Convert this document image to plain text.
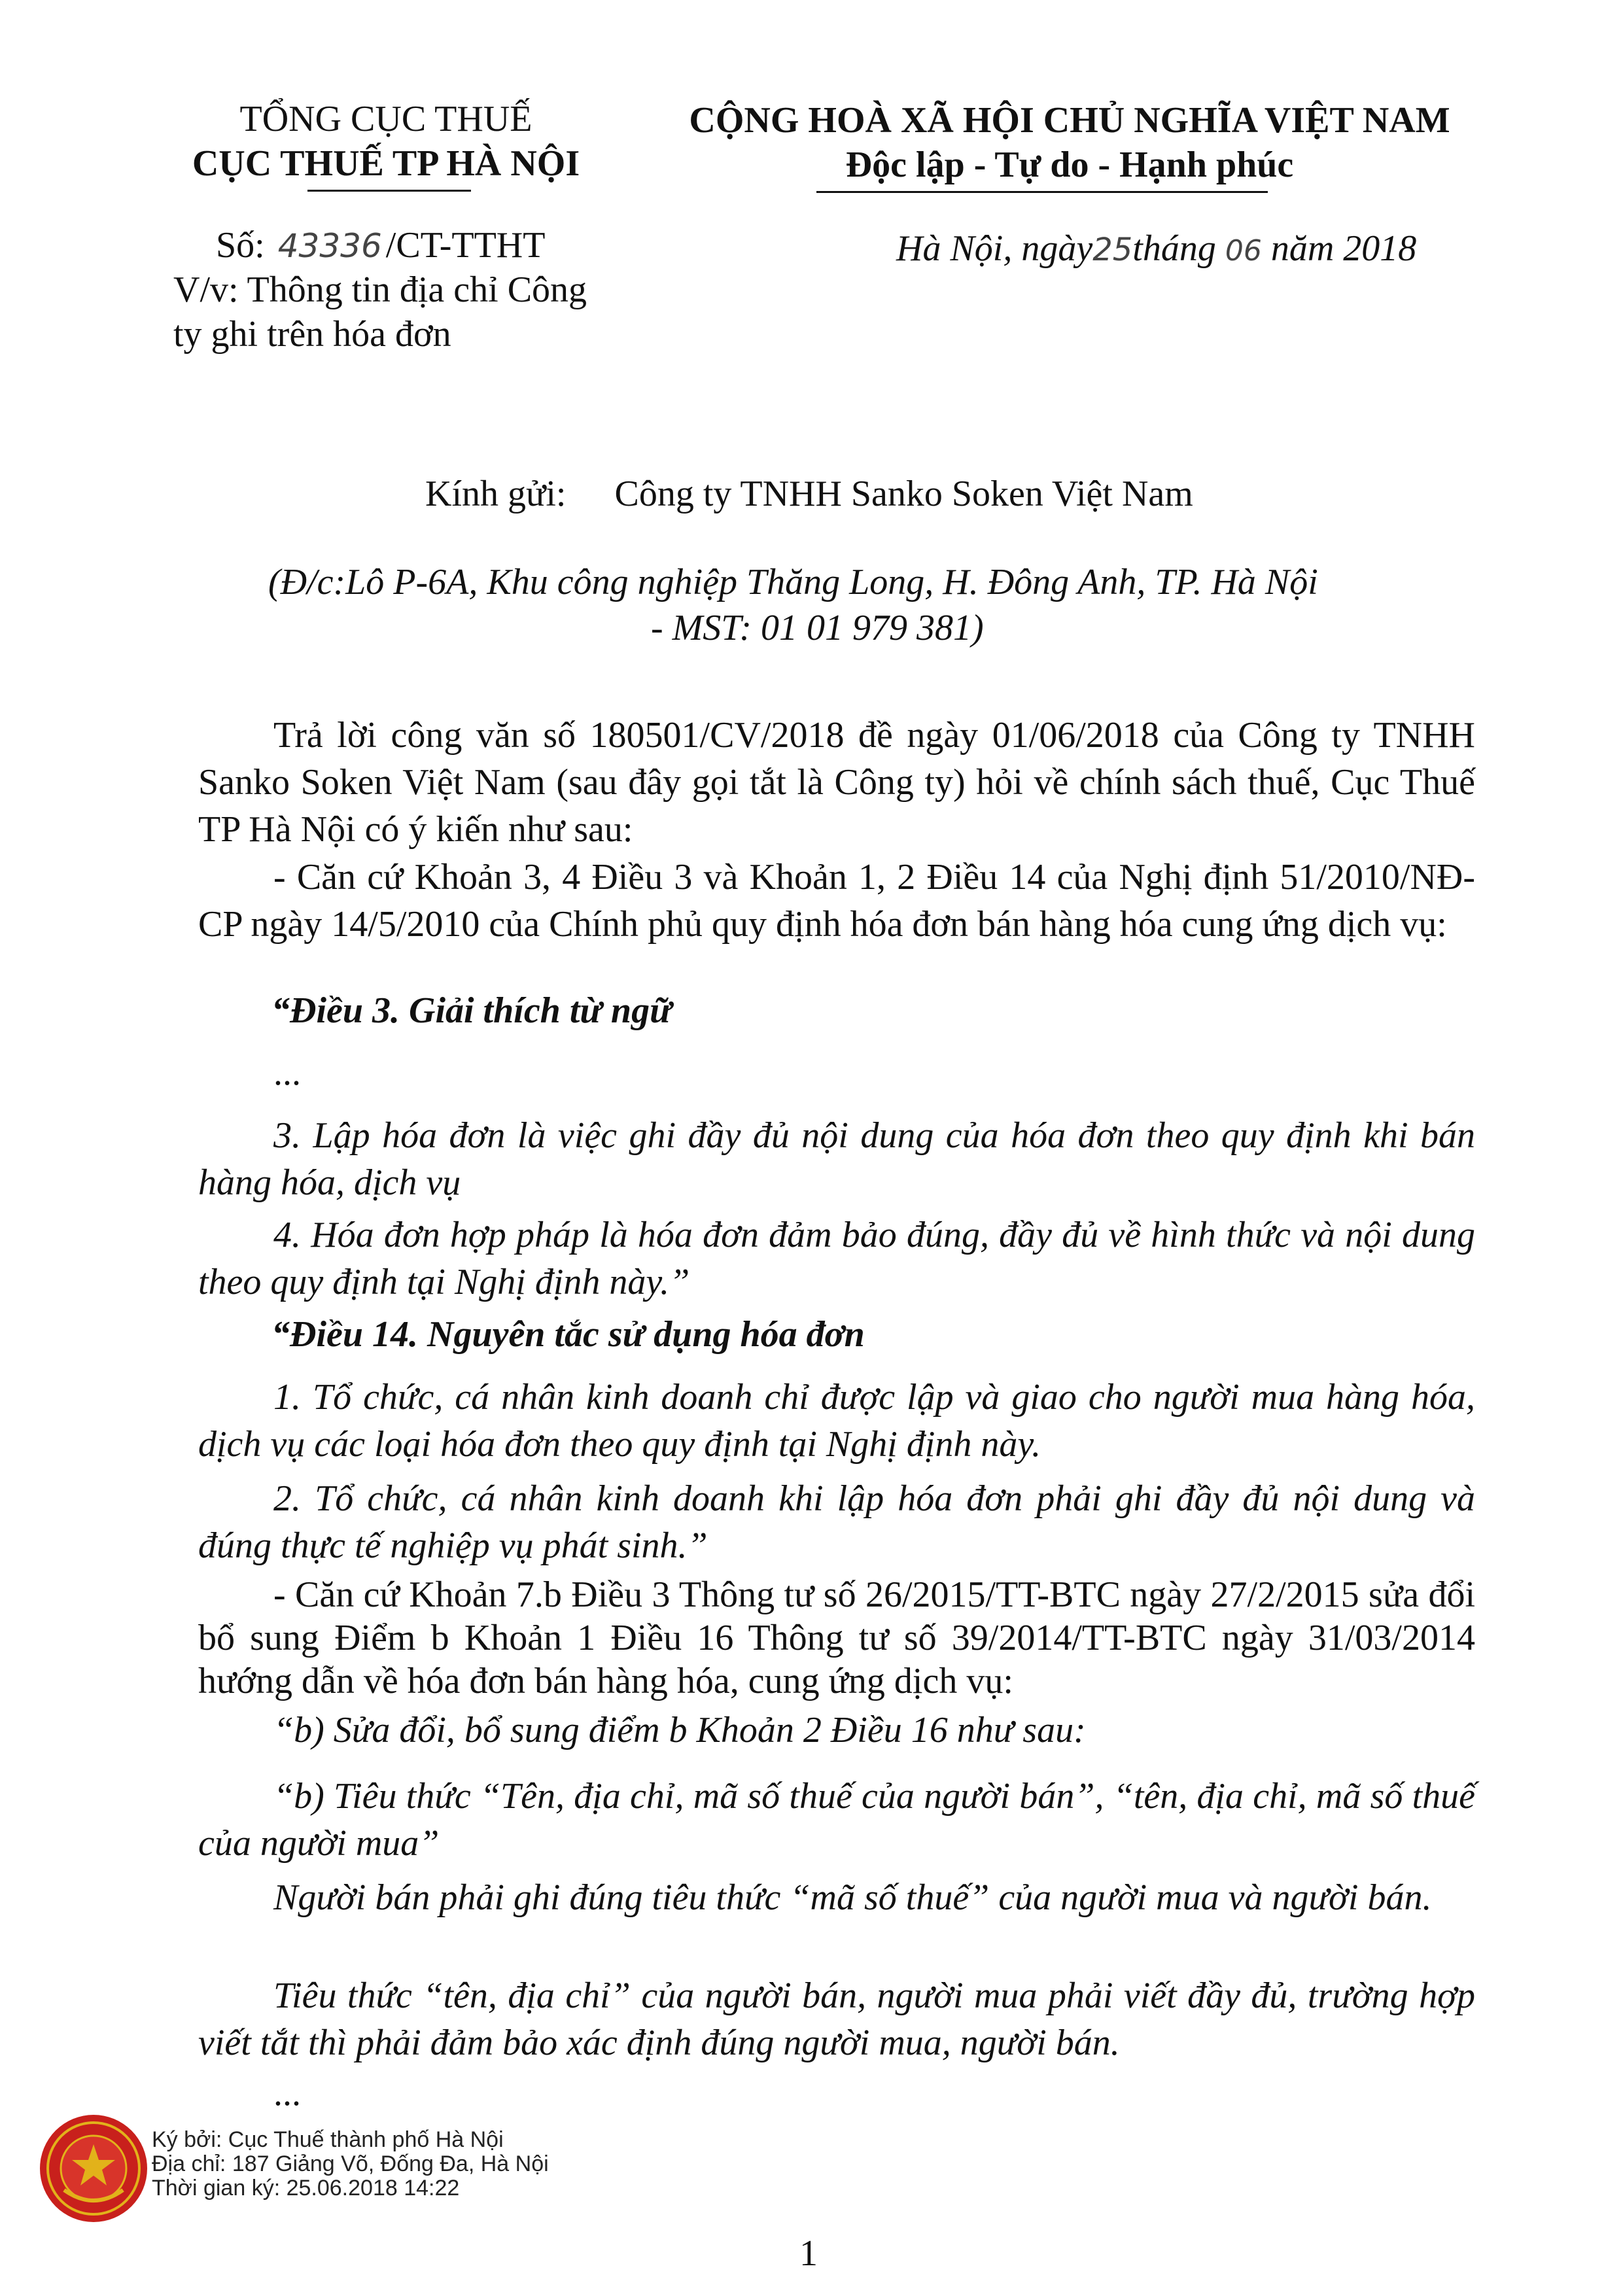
TỔNG CỤC THUẾ
CỤC THUẾ TP HÀ NỘI
CỘNG HOÀ XÃ HỘI CHỦ NGHĨA VIỆT NAM
Độc lập - Tự do - Hạnh phúc
Số: 43336 /CT-TTHT
V/v: Thông tin địa chỉ Công
ty ghi trên hóa đơn
Hà Nội, ngày25tháng 06 năm 2018
Kính gửi: Công ty TNHH Sanko Soken Việt Nam
(Đ/c:Lô P-6A, Khu công nghiệp Thăng Long, H. Đông Anh, TP. Hà Nội
- MST: 01 01 979 381)
Trả lời công văn số 180501/CV/2018 đề ngày 01/06/2018 của Công ty TNHH Sanko Soken Việt Nam (sau đây gọi tắt là Công ty) hỏi về chính sách thuế, Cục Thuế TP Hà Nội có ý kiến như sau:
- Căn cứ Khoản 3, 4 Điều 3 và Khoản 1, 2 Điều 14 của Nghị định 51/2010/NĐ-CP ngày 14/5/2010 của Chính phủ quy định hóa đơn bán hàng hóa cung ứng dịch vụ:
“Điều 3. Giải thích từ ngữ
...
3. Lập hóa đơn là việc ghi đầy đủ nội dung của hóa đơn theo quy định khi bán hàng hóa, dịch vụ
4. Hóa đơn hợp pháp là hóa đơn đảm bảo đúng, đầy đủ về hình thức và nội dung theo quy định tại Nghị định này.”
“Điều 14. Nguyên tắc sử dụng hóa đơn
1. Tổ chức, cá nhân kinh doanh chỉ được lập và giao cho người mua hàng hóa, dịch vụ các loại hóa đơn theo quy định tại Nghị định này.
2. Tổ chức, cá nhân kinh doanh khi lập hóa đơn phải ghi đầy đủ nội dung và đúng thực tế nghiệp vụ phát sinh.”
- Căn cứ Khoản 7.b Điều 3 Thông tư số 26/2015/TT-BTC ngày 27/2/2015 sửa đổi bổ sung Điểm b Khoản 1 Điều 16 Thông tư số 39/2014/TT-BTC ngày 31/03/2014 hướng dẫn về hóa đơn bán hàng hóa, cung ứng dịch vụ:
“b) Sửa đổi, bổ sung điểm b Khoản 2 Điều 16 như sau:
“b) Tiêu thức “Tên, địa chỉ, mã số thuế của người bán”, “tên, địa chỉ, mã số thuế của người mua”
Người bán phải ghi đúng tiêu thức “mã số thuế” của người mua và người bán.
Tiêu thức “tên, địa chỉ” của người bán, người mua phải viết đầy đủ, trường hợp viết tắt thì phải đảm bảo xác định đúng người mua, người bán.
...
Ký bởi: Cục Thuế thành phố Hà Nội
Địa chỉ: 187 Giảng Võ, Đống Đa, Hà Nội
Thời gian ký: 25.06.2018 14:22
1
